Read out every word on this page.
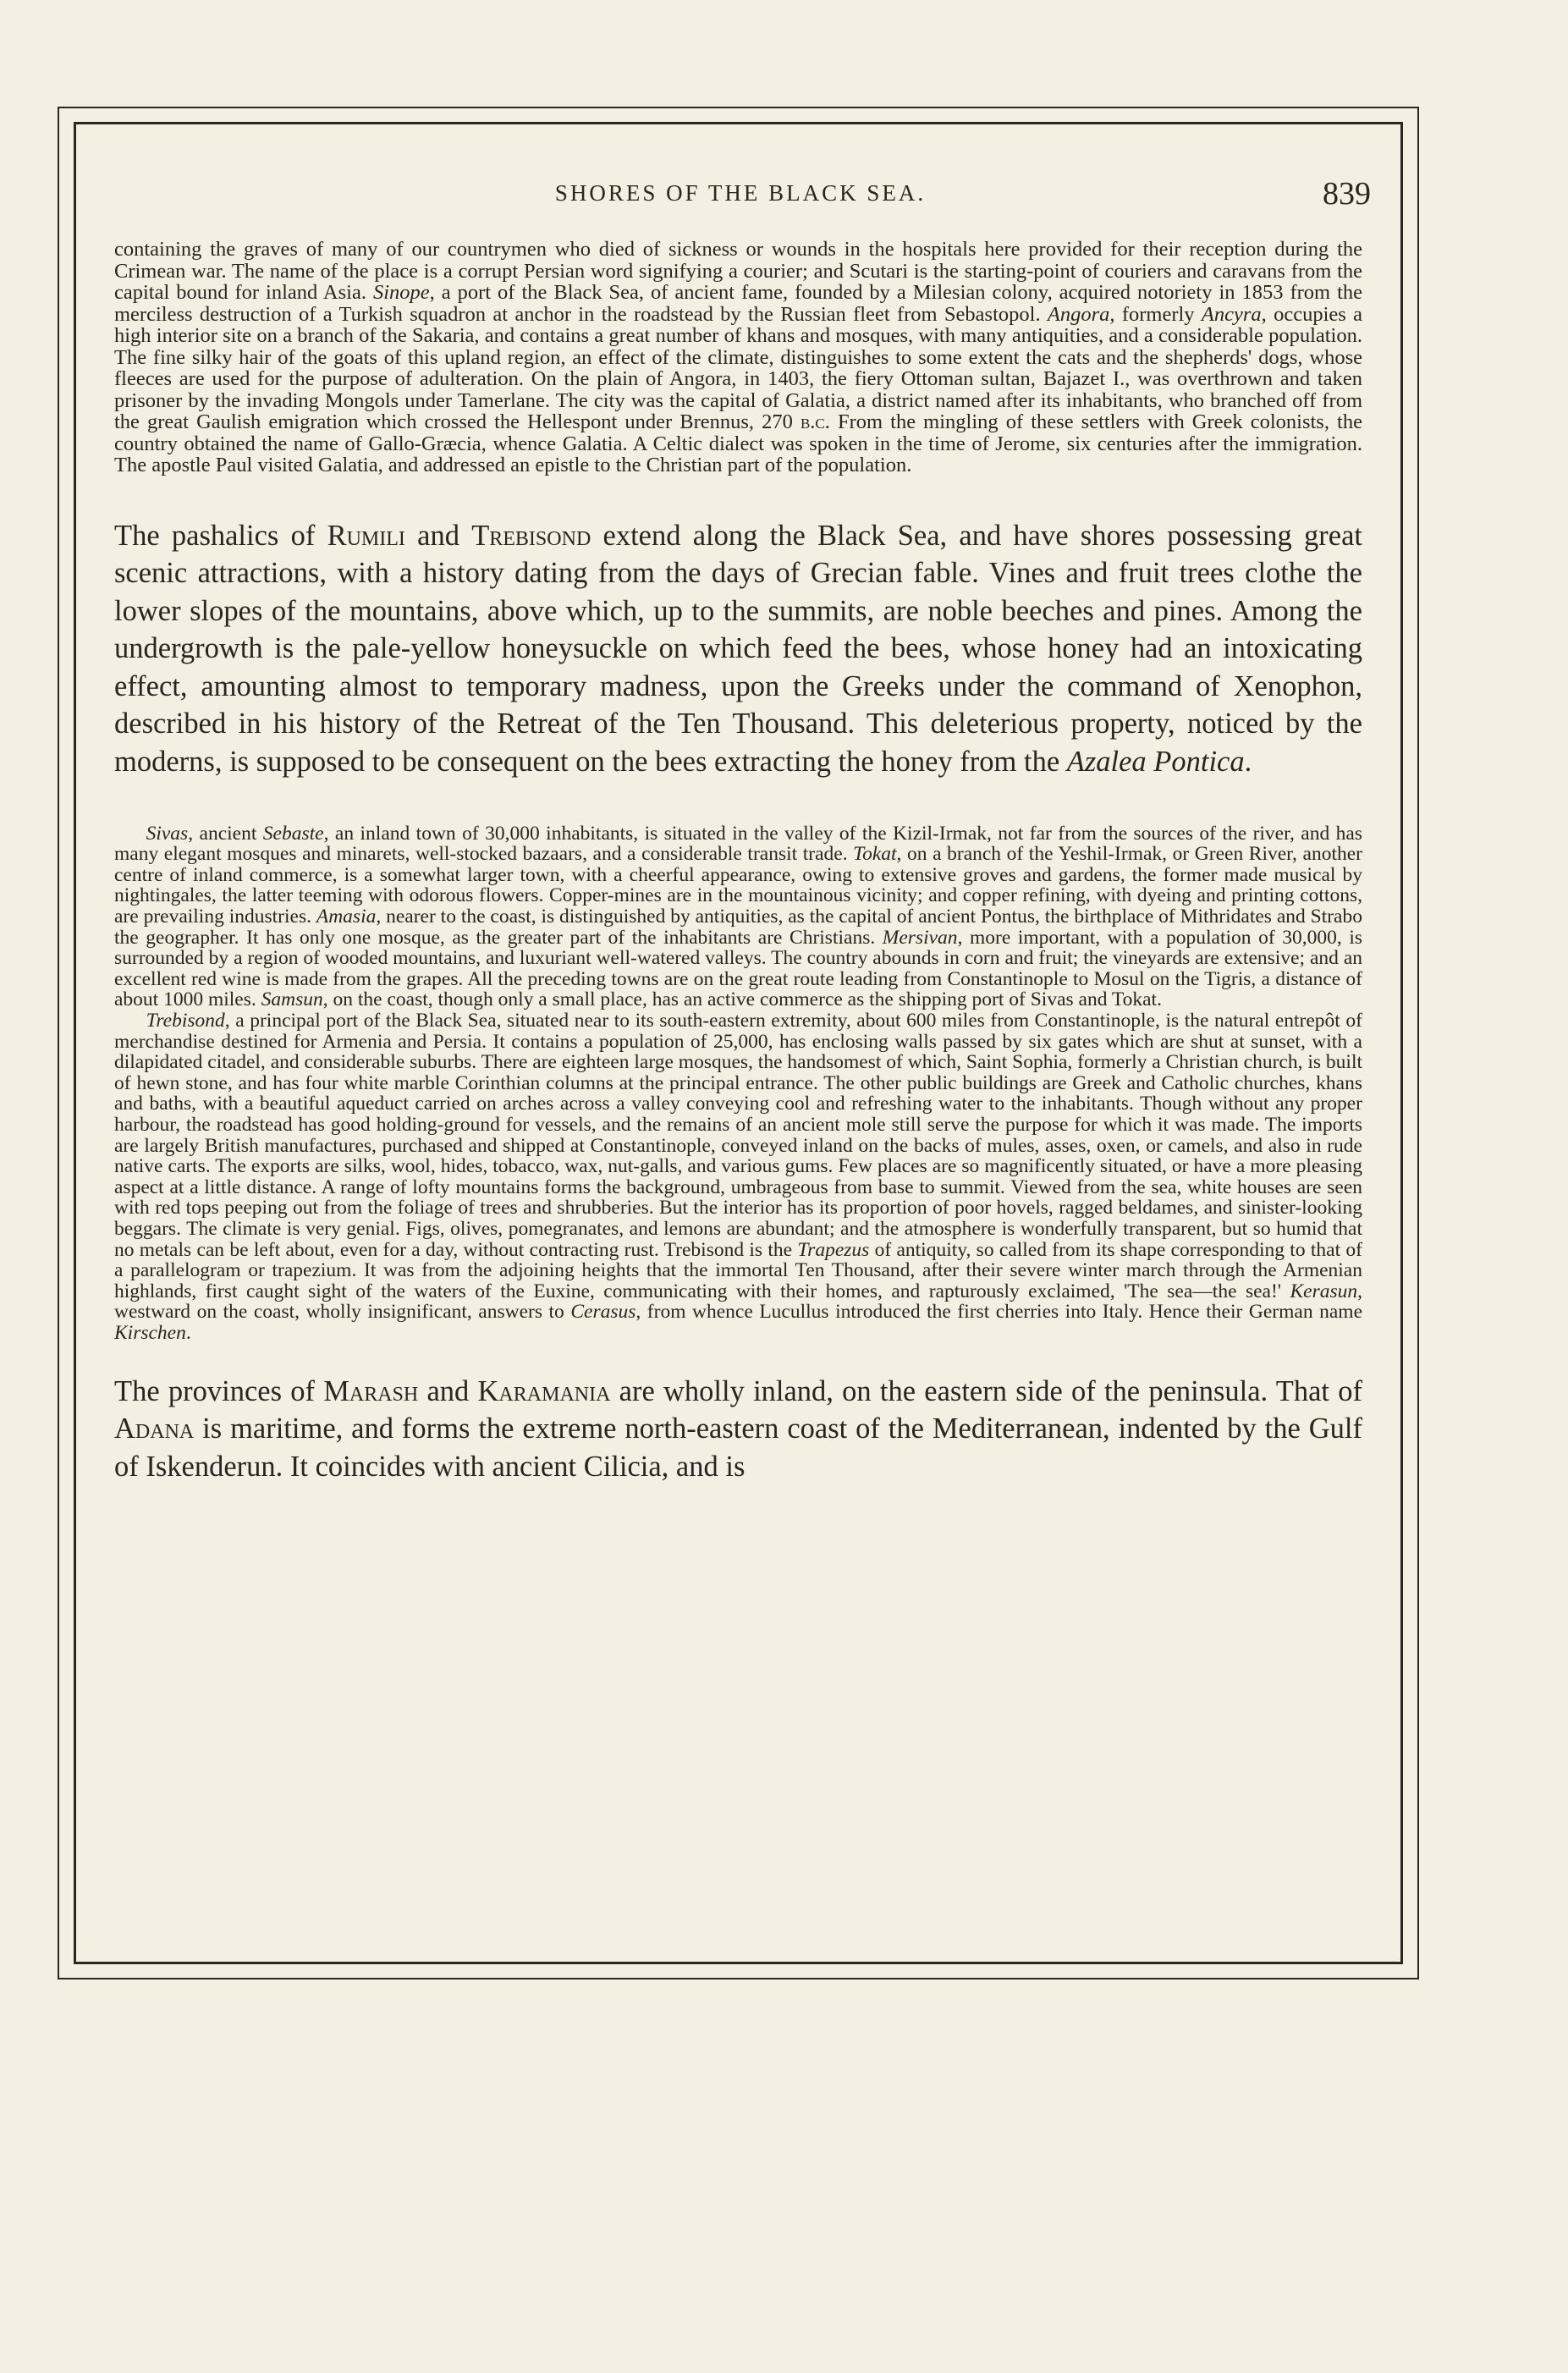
SHORES OF THE BLACK SEA.	839

containing the graves of many of our countrymen who died of sickness or wounds in the hospitals here provided for their reception during the Crimean war. The name of the place is a corrupt Persian word signifying a courier; and Scutari is the starting-point of couriers and caravans from the capital bound for inland Asia. Sinope, a port of the Black Sea, of ancient fame, founded by a Milesian colony, acquired notoriety in 1853 from the merciless destruction of a Turkish squadron at anchor in the roadstead by the Russian fleet from Sebastopol. Angora, formerly Ancyra, occupies a high interior site on a branch of the Sakaria, and contains a great number of khans and mosques, with many antiquities, and a considerable population. The fine silky hair of the goats of this upland region, an effect of the climate, distinguishes to some extent the cats and the shepherds' dogs, whose fleeces are used for the purpose of adulteration. On the plain of Angora, in 1403, the fiery Ottoman sultan, Bajazet I., was overthrown and taken prisoner by the invading Mongols under Tamerlane. The city was the capital of Galatia, a district named after its inhabitants, who branched off from the great Gaulish emigration which crossed the Hellespont under Brennus, 270 b.c. From the mingling of these settlers with Greek colonists, the country obtained the name of Gallo-Græcia, whence Galatia. A Celtic dialect was spoken in the time of Jerome, six centuries after the immigration. The apostle Paul visited Galatia, and addressed an epistle to the Christian part of the population.

The pashalics of Rumili and Trebisond extend along the Black Sea, and have shores possessing great scenic attractions, with a history dating from the days of Grecian fable. Vines and fruit trees clothe the lower slopes of the mountains, above which, up to the summits, are noble beeches and pines. Among the undergrowth is the pale-yellow honeysuckle on which feed the bees, whose honey had an intoxicating effect, amounting almost to temporary madness, upon the Greeks under the command of Xenophon, described in his history of the Retreat of the Ten Thousand. This deleterious property, noticed by the moderns, is supposed to be consequent on the bees extracting the honey from the Azalea Pontica.

Sivas, ancient Sebaste, an inland town of 30,000 inhabitants, is situated in the valley of the Kizil-Irmak, not far from the sources of the river, and has many elegant mosques and minarets, well-stocked bazaars, and a considerable transit trade. Tokat, on a branch of the Yeshil-Irmak, or Green River, another centre of inland commerce, is a somewhat larger town, with a cheerful appearance, owing to extensive groves and gardens, the former made musical by nightingales, the latter teeming with odorous flowers. Copper-mines are in the mountainous vicinity; and copper refining, with dyeing and printing cottons, are prevailing industries. Amasia, nearer to the coast, is distinguished by antiquities, as the capital of ancient Pontus, the birthplace of Mithridates and Strabo the geographer. It has only one mosque, as the greater part of the inhabitants are Christians. Mersivan, more important, with a population of 30,000, is surrounded by a region of wooded mountains, and luxuriant well-watered valleys. The country abounds in corn and fruit; the vineyards are extensive; and an excellent red wine is made from the grapes. All the preceding towns are on the great route leading from Constantinople to Mosul on the Tigris, a distance of about 1000 miles. Samsun, on the coast, though only a small place, has an active commerce as the shipping port of Sivas and Tokat.

Trebisond, a principal port of the Black Sea, situated near to its south-eastern extremity, about 600 miles from Constantinople, is the natural entrepôt of merchandise destined for Armenia and Persia. It contains a population of 25,000, has enclosing walls passed by six gates which are shut at sunset, with a dilapidated citadel, and considerable suburbs. There are eighteen large mosques, the handsomest of which, Saint Sophia, formerly a Christian church, is built of hewn stone, and has four white marble Corinthian columns at the principal entrance. The other public buildings are Greek and Catholic churches, khans and baths, with a beautiful aqueduct carried on arches across a valley conveying cool and refreshing water to the inhabitants. Though without any proper harbour, the roadstead has good holding-ground for vessels, and the remains of an ancient mole still serve the purpose for which it was made. The imports are largely British manufactures, purchased and shipped at Constantinople, conveyed inland on the backs of mules, asses, oxen, or camels, and also in rude native carts. The exports are silks, wool, hides, tobacco, wax, nut-galls, and various gums. Few places are so magnificently situated, or have a more pleasing aspect at a little distance. A range of lofty mountains forms the background, umbrageous from base to summit. Viewed from the sea, white houses are seen with red tops peeping out from the foliage of trees and shrubberies. But the interior has its proportion of poor hovels, ragged beldames, and sinister-looking beggars. The climate is very genial. Figs, olives, pomegranates, and lemons are abundant; and the atmosphere is wonderfully transparent, but so humid that no metals can be left about, even for a day, without contracting rust. Trebisond is the Trapezus of antiquity, so called from its shape corresponding to that of a parallelogram or trapezium. It was from the adjoining heights that the immortal Ten Thousand, after their severe winter march through the Armenian highlands, first caught sight of the waters of the Euxine, communicating with their homes, and rapturously exclaimed, 'The sea—the sea!' Kerasun, westward on the coast, wholly insignificant, answers to Cerasus, from whence Lucullus introduced the first cherries into Italy. Hence their German name Kirschen.

The provinces of Marash and Karamania are wholly inland, on the eastern side of the peninsula. That of Adana is maritime, and forms the extreme north-eastern coast of the Mediterranean, indented by the Gulf of Iskenderun. It coincides with ancient Cilicia, and is
